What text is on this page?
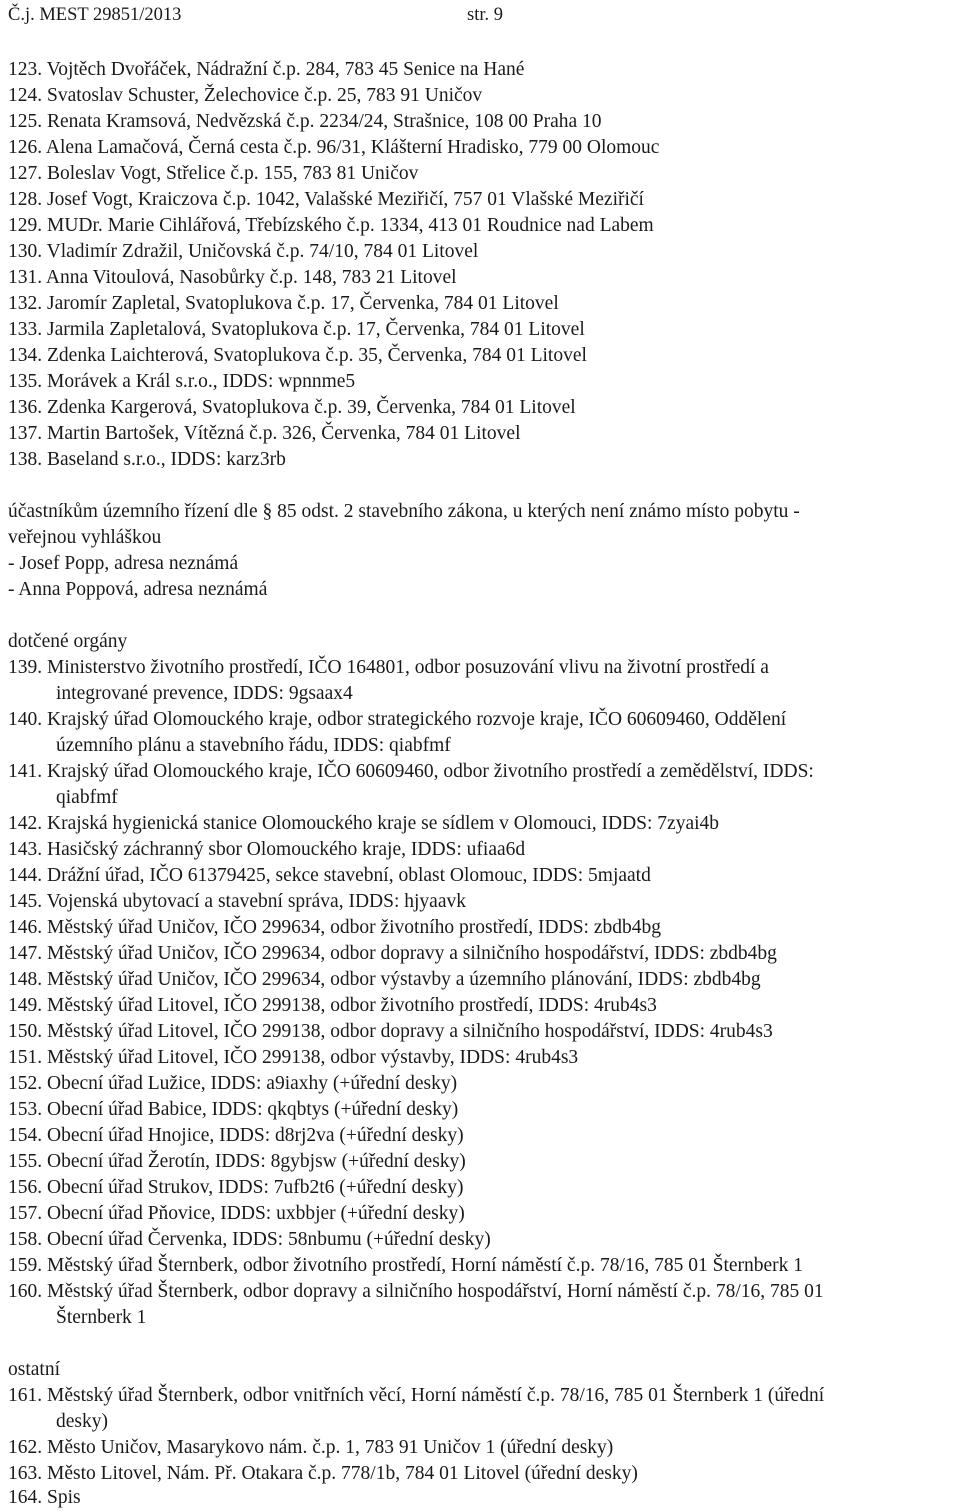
Č.j. MEST 29851/2013	str. 9
123. Vojtěch Dvořáček, Nádražní č.p. 284, 783 45 Senice na Hané
124. Svatoslav Schuster, Želechovice č.p. 25, 783 91 Uničov
125. Renata Kramsová, Nedvězská č.p. 2234/24, Strašnice, 108 00 Praha 10
126. Alena Lamačová, Černá cesta č.p. 96/31, Klášterní Hradisko, 779 00 Olomouc
127. Boleslav Vogt, Střelice č.p. 155, 783 81 Uničov
128. Josef Vogt, Kraiczova č.p. 1042, Valašské Meziřičí, 757 01 Vlašské Meziřičí
129. MUDr. Marie Cihlářová, Třebízského č.p. 1334, 413 01 Roudnice nad Labem
130. Vladimír Zdražil, Uničovská č.p. 74/10, 784 01 Litovel
131. Anna Vitoulová, Nasobůrky č.p. 148, 783 21 Litovel
132. Jaromír Zapletal, Svatoplukova č.p. 17, Červenka, 784 01 Litovel
133. Jarmila Zapletalová, Svatoplukova č.p. 17, Červenka, 784 01 Litovel
134. Zdenka Laichterová, Svatoplukova č.p. 35, Červenka, 784 01 Litovel
135. Morávek a Král s.r.o., IDDS: wpnnme5
136. Zdenka Kargerová, Svatoplukova č.p. 39, Červenka, 784 01 Litovel
137. Martin Bartošek, Vítězná č.p. 326, Červenka, 784 01 Litovel
138. Baseland s.r.o., IDDS: karz3rb
účastníkům územního řízení dle § 85 odst. 2 stavebního zákona, u kterých není známo místo pobytu -
veřejnou vyhláškou
- Josef Popp, adresa neznámá
- Anna Poppová, adresa neznámá
dotčené orgány
139. Ministerstvo životního prostředí, IČO 164801, odbor posuzování vlivu na životní prostředí a
integrované prevence, IDDS: 9gsaax4
140. Krajský úřad Olomouckého kraje, odbor strategického rozvoje kraje, IČO 60609460, Oddělení
územního plánu a stavebního řádu, IDDS: qiabfmf
141. Krajský úřad Olomouckého kraje, IČO 60609460, odbor životního prostředí a zemědělství, IDDS:
qiabfmf
142. Krajská hygienická stanice Olomouckého kraje se sídlem v Olomouci, IDDS: 7zyai4b
143. Hasičský záchranný sbor Olomouckého kraje, IDDS: ufiaa6d
144. Drážní úřad, IČO 61379425, sekce stavební, oblast Olomouc, IDDS: 5mjaatd
145. Vojenská ubytovací a stavební správa, IDDS: hjyaavk
146. Městský úřad Uničov, IČO 299634, odbor životního prostředí, IDDS: zbdb4bg
147. Městský úřad Uničov, IČO 299634, odbor dopravy a silničního hospodářství, IDDS: zbdb4bg
148. Městský úřad Uničov, IČO 299634, odbor výstavby a územního plánování, IDDS: zbdb4bg
149. Městský úřad Litovel, IČO 299138, odbor životního prostředí, IDDS: 4rub4s3
150. Městský úřad Litovel, IČO 299138, odbor dopravy a silničního hospodářství, IDDS: 4rub4s3
151. Městský úřad Litovel, IČO 299138, odbor výstavby, IDDS: 4rub4s3
152. Obecní úřad Lužice, IDDS: a9iaxhy (+úřední desky)
153. Obecní úřad Babice, IDDS: qkqbtys (+úřední desky)
154. Obecní úřad Hnojice, IDDS: d8rj2va (+úřední desky)
155. Obecní úřad Žerotín, IDDS: 8gybjsw (+úřední desky)
156. Obecní úřad Strukov, IDDS: 7ufb2t6 (+úřední desky)
157. Obecní úřad Pňovice, IDDS: uxbbjer (+úřední desky)
158. Obecní úřad Červenka, IDDS: 58nbumu (+úřední desky)
159. Městský úřad Šternberk, odbor životního prostředí, Horní náměstí č.p. 78/16, 785 01 Šternberk 1
160. Městský úřad Šternberk, odbor dopravy a silničního hospodářství, Horní náměstí č.p. 78/16, 785 01
Šternberk 1
ostatní
161. Městský úřad Šternberk, odbor vnitřních věcí, Horní náměstí č.p. 78/16, 785 01 Šternberk 1 (úřední
desky)
162. Město Uničov, Masarykovo nám. č.p. 1, 783 91 Uničov 1 (úřední desky)
163. Město Litovel, Nám. Př. Otakara č.p. 778/1b, 784 01 Litovel (úřední desky)
164. Spis
